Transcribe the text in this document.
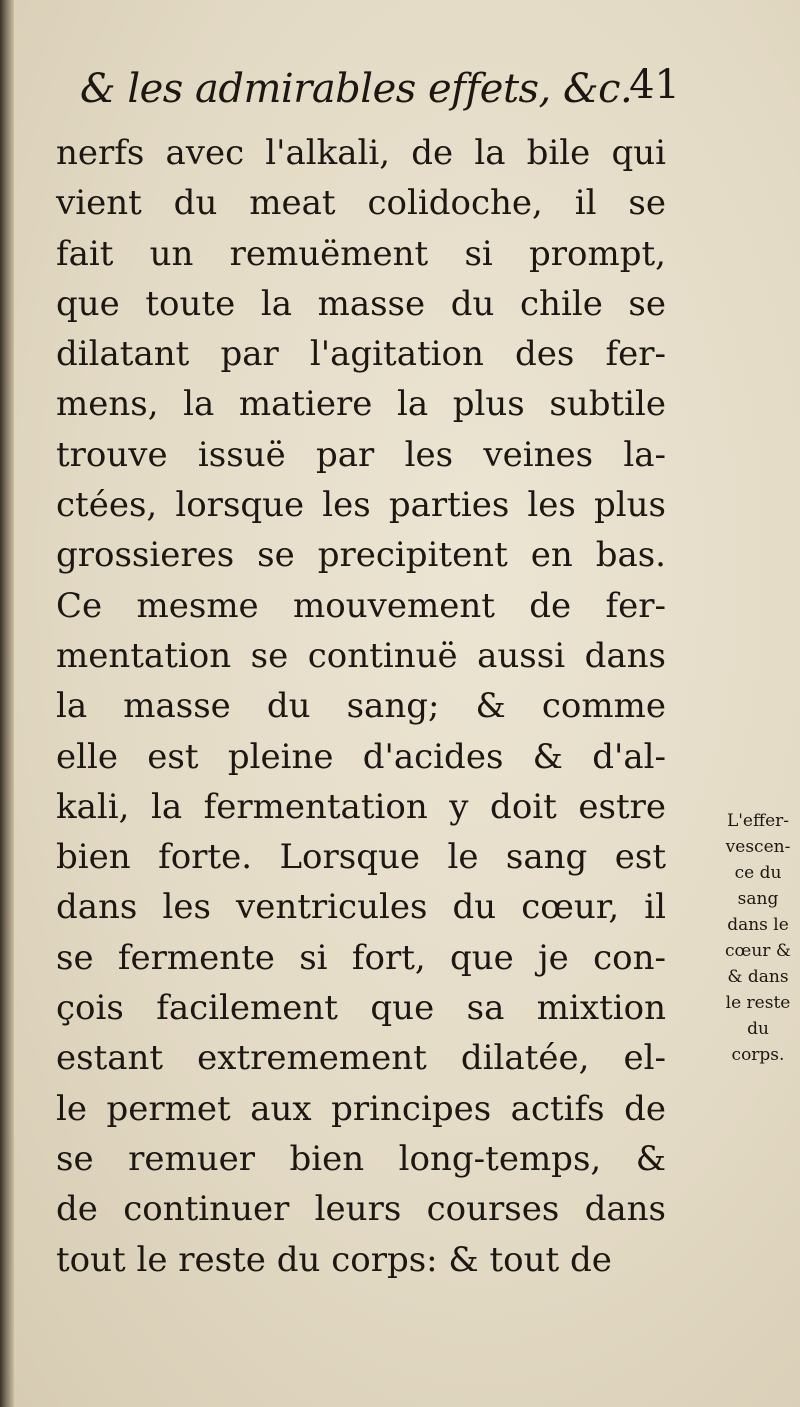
& les admirables effets, &c.
41
nerfs avec l'alkali, de la bile qui
vient du meat colidoche, il se
fait un remuëment si prompt,
que toute la masse du chile se
dilatant par l'agitation des fer-
mens, la matiere la plus subtile
trouve issuë par les veines la-
ctées, lorsque les parties les plus
grossieres se precipitent en bas.
Ce mesme mouvement de fer-
mentation se continuë aussi dans
la masse du sang; & comme
elle est pleine d'acides & d'al-
kali, la fermentation y doit estre
bien forte. Lorsque le sang est
dans les ventricules du cœur, il
se fermente si fort, que je con-
çois facilement que sa mixtion
estant extremement dilatée, el-
le permet aux principes actifs de
se remuer bien long-temps, &
de continuer leurs courses dans
tout le reste du corps: & tout de
L'effer-
vescen-
ce du
sang
dans le
cœur &
& dans
le reste
du
corps.
